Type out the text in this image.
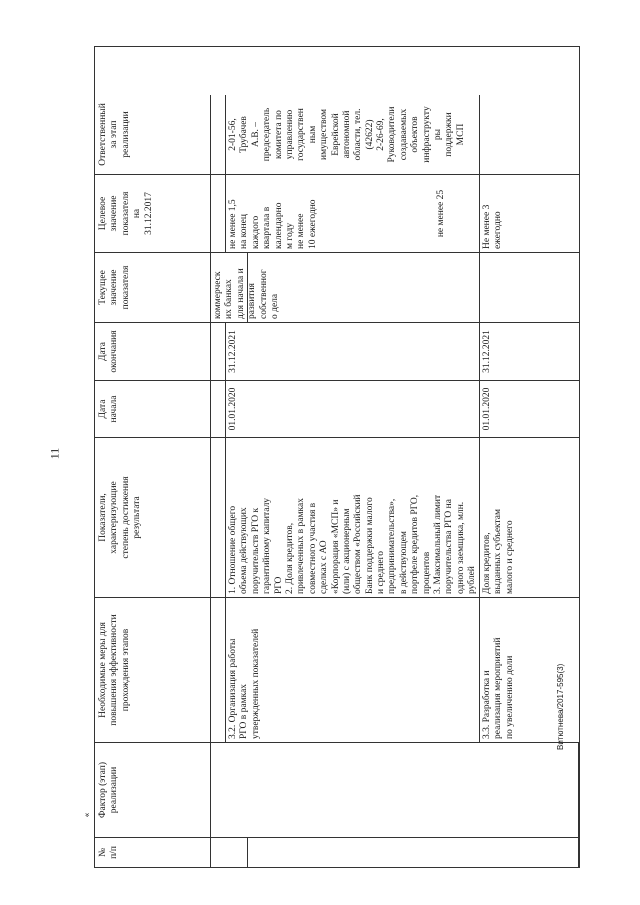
11
«
Витютнева/2017-595(3)
№
п/п
Фактор (этап)
реализации
Необходимые меры для
повышения эффективности
прохождения этапов
Показатели,
характеризующие
степень достижения
результата
Дата
начала
Дата
окончания
Текущее
значение
показателя
Целевое
значение
показателя
на
31.12.2017
Ответственный
за этап
реализации
коммерческ
их банках
для начала и
развития
собственног
о дела
3.2. Организация работы
РГО в рамках
утвержденных показателей
1. Отношение общего
объема действующих
поручительств РГО к
гарантийному капиталу
РГО
2. Доля кредитов,
привлеченных в рамках
совместного участия в
сделках с АО
«Корпорация «МСП» и
(или) с акционерным
обществом «Российский
Банк поддержки малого
и среднего
предпринимательства»,
в действующем
портфеле кредитов РГО,
процентов
3. Максимальный лимит
поручительства РГО на
одного заемщика, млн.
рублей
01.01.2020
31.12.2021
не менее 1,5
на конец
каждого
квартала в
календарно
м году
не менее
10 ежегодно	не менее 25
2-01-56,
Трубачев
А.В. –
председатель
комитета по
управлению
государствен
ным
имуществом
Еврейской
автономной
области, тел.
(42622)
2-26-69,
Руководители
создаваемых
объектов
инфраструкту
ры
поддержки
МСП
3.3. Разработка и
реализация мероприятий
по увеличению доли
Доля кредитов,
выданных субъектам
малого и среднего
01.01.2020
31.12.2021
Не менее 3
ежегодно
